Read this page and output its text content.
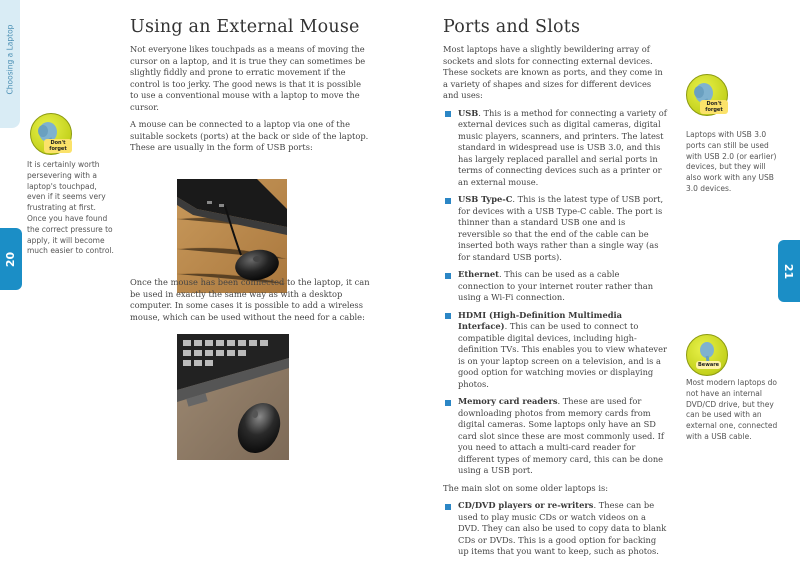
Choosing a Laptop
20
21
Using an External Mouse

Not everyone likes touchpads as a means of moving the cursor on a laptop, and it is true they can sometimes be slightly fiddly and prone to erratic movement if the control is too jerky. The good news is that it is possible to use a conventional mouse with a laptop to move the cursor.

A mouse can be connected to a laptop via one of the suitable sockets (ports) at the back or side of the laptop. These are usually in the form of USB ports:

Once the mouse has been connected to the laptop, it can be used in exactly the same way as with a desktop computer. In some cases it is possible to add a wireless mouse, which can be used without the need for a cable:

Don't forget
It is certainly worth persevering with a laptop's touchpad, even if it seems very frustrating at first. Once you have found the correct pressure to apply, it will become much easier to control.
Ports and Slots

Most laptops have a slightly bewildering array of sockets and slots for connecting external devices. These sockets are known as ports, and they come in a variety of shapes and sizes for different devices and uses:

USB. This is a method for connecting a variety of external devices such as digital cameras, digital music players, scanners, and printers. The latest standard in widespread use is USB 3.0, and this has largely replaced parallel and serial ports in terms of connecting devices such as a printer or an external mouse.
USB Type-C. This is the latest type of USB port, for devices with a USB Type-C cable. The port is thinner than a standard USB one and is reversible so that the end of the cable can be inserted both ways rather than a single way (as for standard USB ports).
Ethernet. This can be used as a cable connection to your internet router rather than using a Wi-Fi connection.
HDMI (High-Definition Multimedia Interface). This can be used to connect to compatible digital devices, including high-definition TVs. This enables you to view whatever is on your laptop screen on a television, and is a good option for watching movies or displaying photos.
Memory card readers. These are used for downloading photos from memory cards from digital cameras. Some laptops only have an SD card slot since these are most commonly used. If you need to attach a multi-card reader for different types of memory card, this can be done using a USB port.

The main slot on some older laptops is:

CD/DVD players or re-writers. These can be used to play music CDs or watch videos on a DVD. They can also be used to copy data to blank CDs or DVDs. This is a good option for backing up items that you want to keep, such as photos.
Don't forget
Laptops with USB 3.0 ports can still be used with USB 2.0 (or earlier) devices, but they will also work with any USB 3.0 devices.
Beware
Most modern laptops do not have an internal DVD/CD drive, but they can be used with an external one, connected with a USB cable.
